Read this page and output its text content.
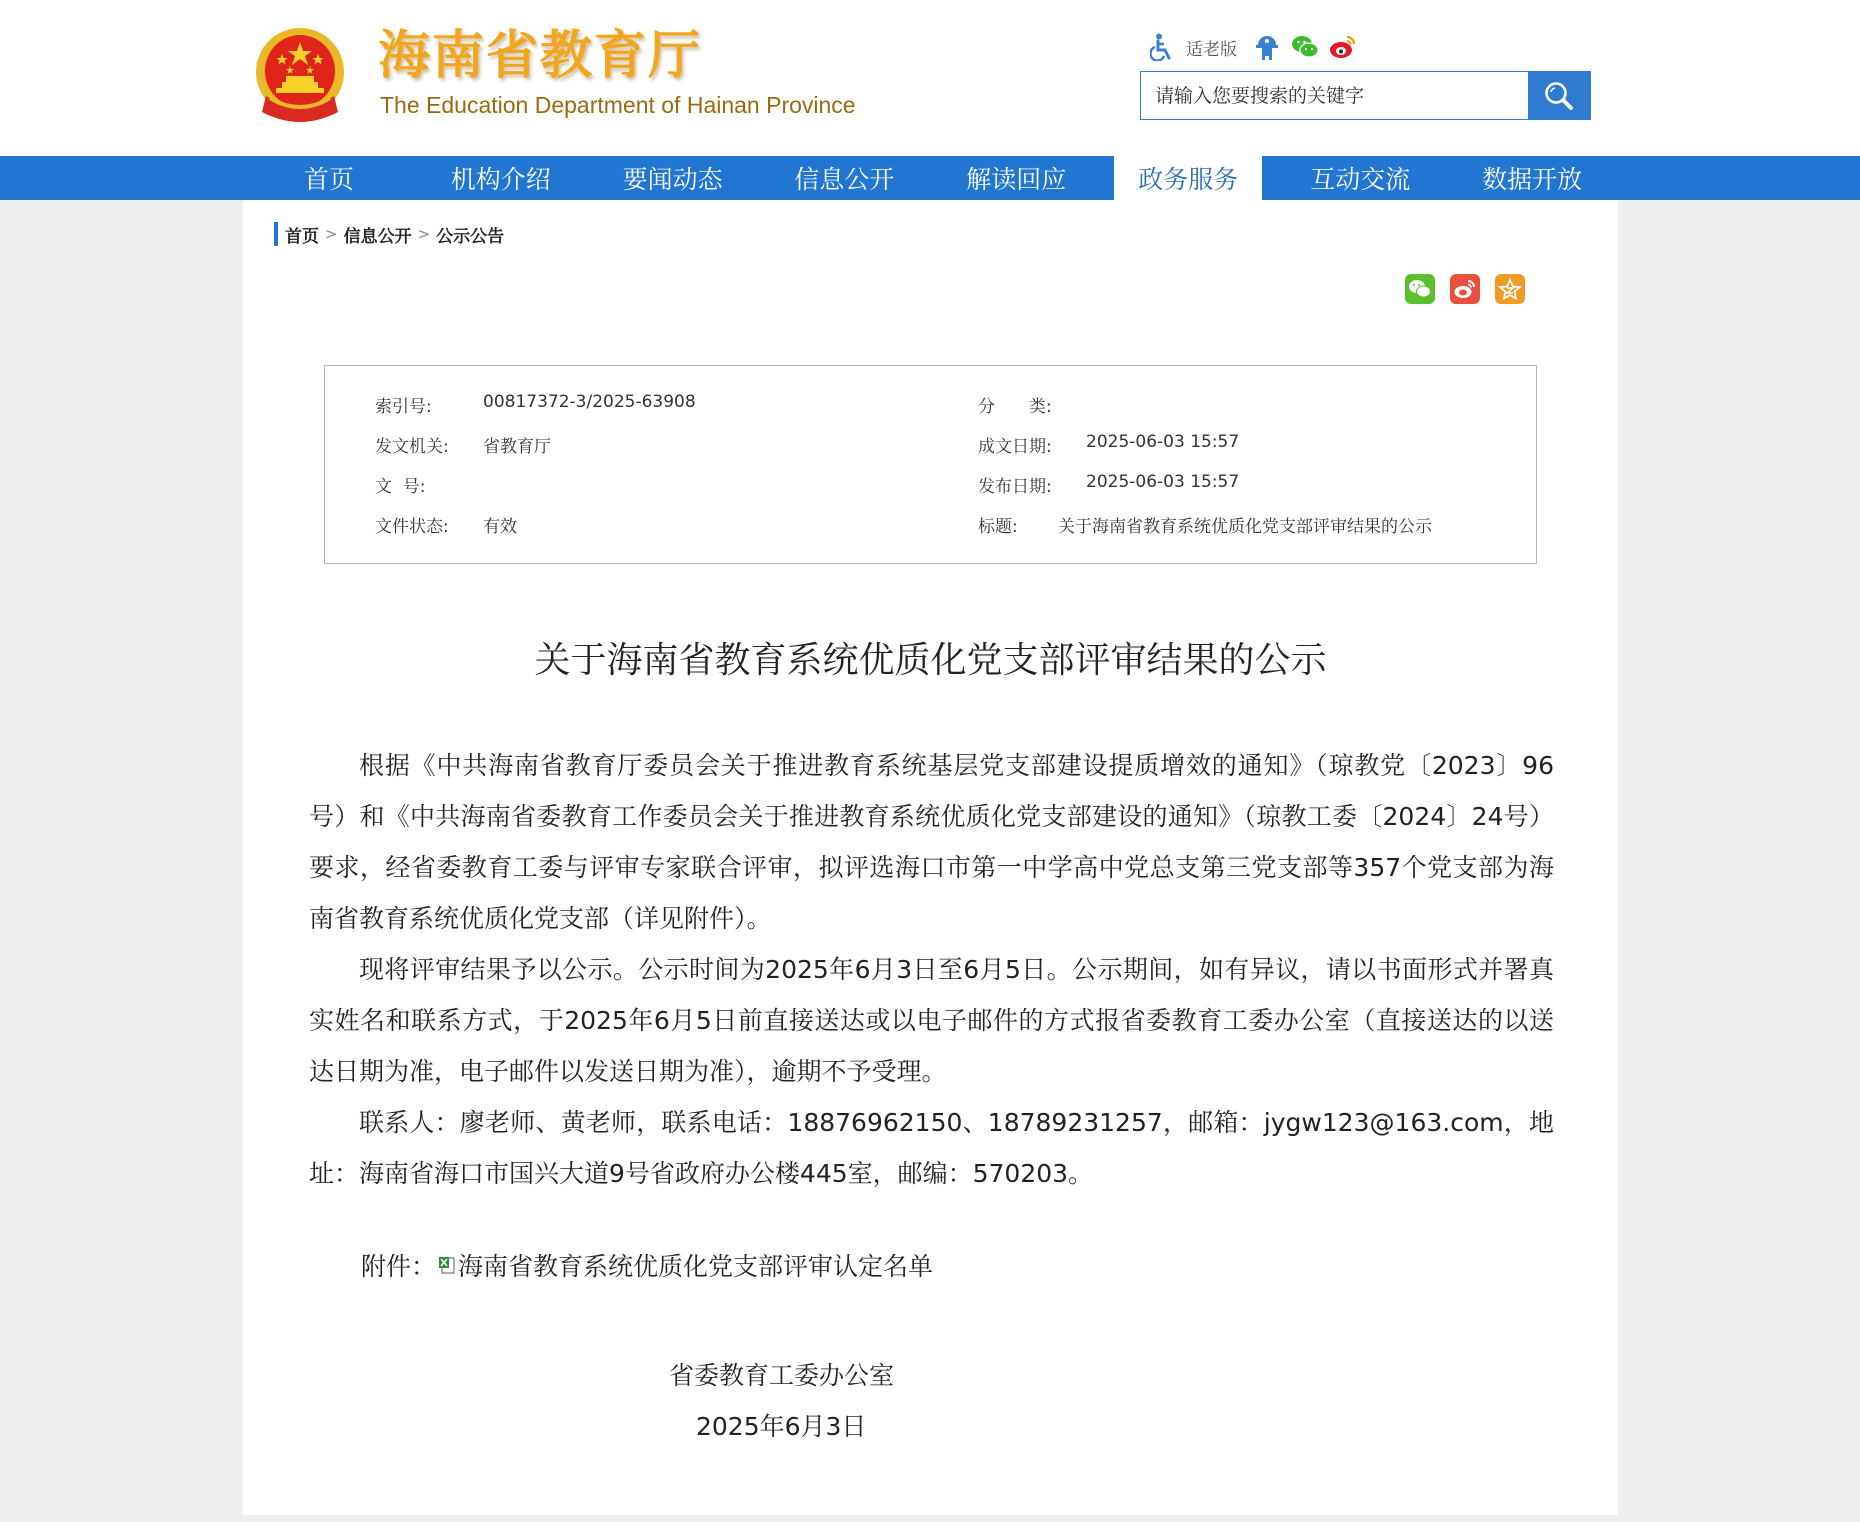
海南省教育厅
The Education Department of Hainan Province
适老版
请输入您要搜索的关键字
首页	机构介绍	要闻动态	信息公开	解读回应	政务服务	互动交流	数据开放
首页 > 信息公开 > 公示公告
索引号:	00817372-3/2025-63908
发文机关:	省教育厅
文  号:
文件状态:	有效
分　　类:
成文日期:	2025-06-03 15:57
发布日期:	2025-06-03 15:57
标题:	关于海南省教育系统优质化党支部评审结果的公示
关于海南省教育系统优质化党支部评审结果的公示

根据《中共海南省教育厅委员会关于推进教育系统基层党支部建设提质增效的通知》（琼教党〔2023〕96号）和《中共海南省委教育工作委员会关于推进教育系统优质化党支部建设的通知》（琼教工委〔2024〕24号）要求，经省委教育工委与评审专家联合评审，拟评选海口市第一中学高中党总支第三党支部等357个党支部为海南省教育系统优质化党支部（详见附件）。

现将评审结果予以公示。公示时间为2025年6月3日至6月5日。公示期间，如有异议，请以书面形式并署真实姓名和联系方式，于2025年6月5日前直接送达或以电子邮件的方式报省委教育工委办公室（直接送达的以送达日期为准，电子邮件以发送日期为准），逾期不予受理。

联系人：廖老师、黄老师，联系电话：18876962150、18789231257，邮箱：jygw123@163.com，地址：海南省海口市国兴大道9号省政府办公楼445室，邮编：570203。

附件： 海南省教育系统优质化党支部评审认定名单
省委教育工委办公室
2025年6月3日
